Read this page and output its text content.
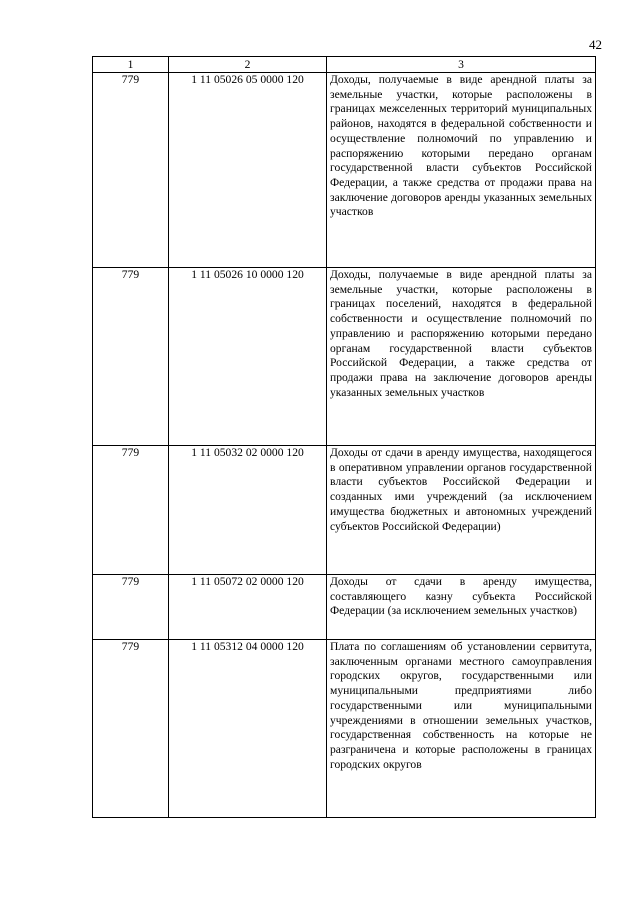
42
1	2	3
779	1 11 05026 05 0000 120	Доходы, получаемые в виде арендной платы за земельные участки, которые расположены в границах межселенных территорий муниципальных районов, находятся в федеральной собственности и осуществление полномочий по управлению и распоряжению которыми передано органам государственной власти субъектов Российской Федерации, а также средства от продажи права на заключение договоров аренды указанных земельных участков
779	1 11 05026 10 0000 120	Доходы, получаемые в виде арендной платы за земельные участки, которые расположены в границах поселений, находятся в федеральной собственности и осуществление полномочий по управлению и распоряжению которыми передано органам государственной власти субъектов Российской Федерации, а также средства от продажи права на заключение договоров аренды указанных земельных участков
779	1 11 05032 02 0000 120	Доходы от сдачи в аренду имущества, находящегося в оперативном управлении органов государственной власти субъектов Российской Федерации и созданных ими учреждений (за исключением имущества бюджетных и автономных учреждений субъектов Российской Федерации)
779	1 11 05072 02 0000 120	Доходы от сдачи в аренду имущества, составляющего казну субъекта Российской Федерации (за исключением земельных участков)
779	1 11 05312 04 0000 120	Плата по соглашениям об установлении сервитута, заключенным органами местного самоуправления городских округов, государственными или муниципальными предприятиями либо государственными или муниципальными учреждениями в отношении земельных участков, государственная собственность на которые не разграничена и которые расположены в границах городских округов
